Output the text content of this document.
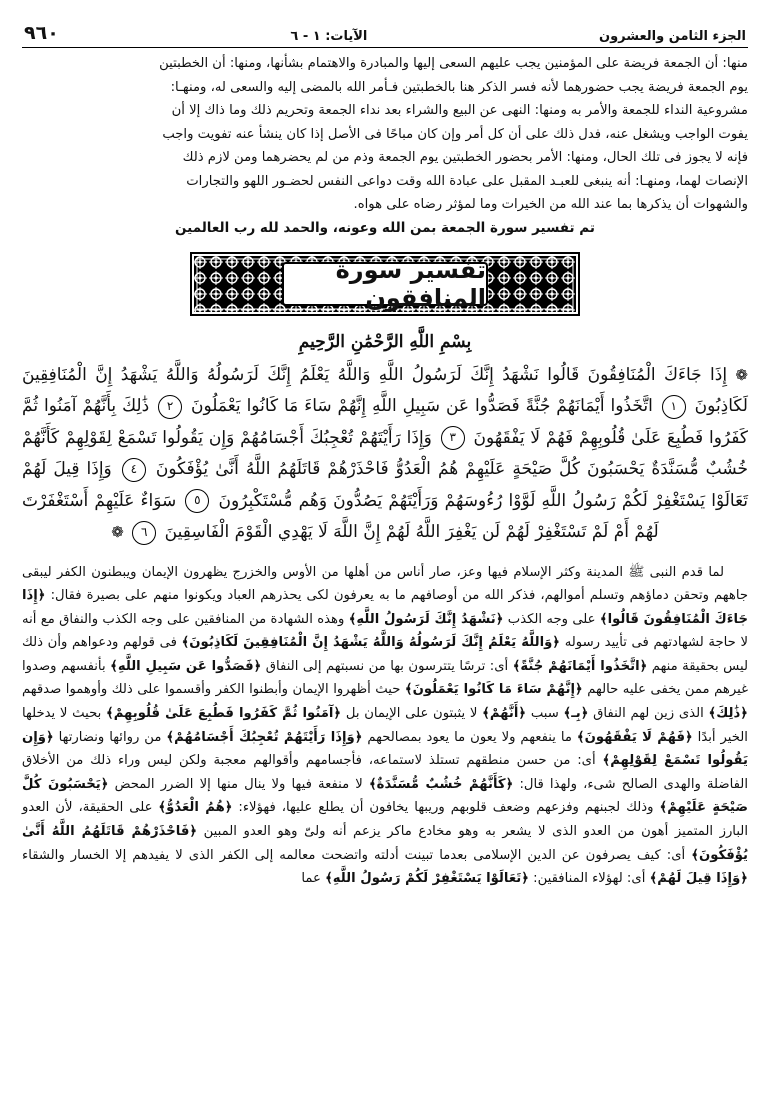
٩٦٠	الآيات: ١ - ٦	الجزء الثامن والعشرون

منها: أن الجمعة فريضة على المؤمنين يجب عليهم السعى إليها والمبادرة والاهتمام بشأنها، ومنها: أن الخطبتين

يوم الجمعة فريضة يجب حضورهما لأنه فسر الذكر هنا بالخطبتين فـأمر الله بالمضى إليه والسعى له، ومنهـا:

مشروعية النداء للجمعة والأمر به ومنها: النهى عن البيع والشراء بعد نداء الجمعة وتحريم ذلك وما ذاك إلا أن

يفوت الواجب ويشغل عنه، فدل ذلك على أن كل أمر وإن كان مباحًا فى الأصل إذا كان ينشأ عنه تفويت واجب

فإنه لا يجوز فى تلك الحال، ومنها: الأمر بحضور الخطبتين يوم الجمعة وذم من لم يحضرهما ومن لازم ذلك

الإنصات لهما، ومنهـا: أنه ينبغى للعبـد المقبل على عبادة الله وقت دواعى النفس لحضـور اللهو والتجارات

والشهوات أن يذكرها بما عند الله من الخيرات وما لمؤثر رضاه على هواه.

تم تفسير سورة الجمعة بمن الله وعونه، والحمد لله رب العالمين
تفسير سورة المنافقون
بِسْمِ اللَّهِ الرَّحْمَٰنِ الرَّحِيمِ
❁ إِذَا جَاءَكَ الْمُنَافِقُونَ قَالُوا نَشْهَدُ إِنَّكَ لَرَسُولُ اللَّهِ وَاللَّهُ يَعْلَمُ إِنَّكَ لَرَسُولُهُ وَاللَّهُ يَشْهَدُ إِنَّ الْمُنَافِقِينَ لَكَاذِبُونَ ١ اتَّخَذُوا أَيْمَانَهُمْ جُنَّةً فَصَدُّوا عَن سَبِيلِ اللَّهِ إِنَّهُمْ سَاءَ مَا كَانُوا يَعْمَلُونَ ٢ ذَٰلِكَ بِأَنَّهُمْ آمَنُوا ثُمَّ كَفَرُوا فَطُبِعَ عَلَىٰ قُلُوبِهِمْ فَهُمْ لَا يَفْقَهُونَ ٣ وَإِذَا رَأَيْتَهُمْ تُعْجِبُكَ أَجْسَامُهُمْ وَإِن يَقُولُوا تَسْمَعْ لِقَوْلِهِمْ كَأَنَّهُمْ خُشُبٌ مُّسَنَّدَةٌ يَحْسَبُونَ كُلَّ صَيْحَةٍ عَلَيْهِمْ هُمُ الْعَدُوُّ فَاحْذَرْهُمْ قَاتَلَهُمُ اللَّهُ أَنَّىٰ يُؤْفَكُونَ ٤ وَإِذَا قِيلَ لَهُمْ تَعَالَوْا يَسْتَغْفِرْ لَكُمْ رَسُولُ اللَّهِ لَوَّوْا رُءُوسَهُمْ وَرَأَيْتَهُمْ يَصُدُّونَ وَهُم مُّسْتَكْبِرُونَ ٥ سَوَاءٌ عَلَيْهِمْ أَسْتَغْفَرْتَ لَهُمْ أَمْ لَمْ تَسْتَغْفِرْ لَهُمْ لَن يَغْفِرَ اللَّهُ لَهُمْ إِنَّ اللَّهَ لَا يَهْدِي الْقَوْمَ الْفَاسِقِينَ ٦ ❁

لما قدم النبى ﷺ المدينة وكثر الإسلام فيها وعز، صار أناس من أهلها من الأوس والخزرج يظهرون الإيمان ويبطنون الكفر ليبقى جاههم وتحقن دماؤهم وتسلم أموالهم، فذكر الله من أوصافهم ما به يعرفون لكى يحذرهم العباد ويكونوا منهم على بصيرة فقال: ﴿إِذَا جَاءَكَ الْمُنَافِقُونَ قَالُوا﴾ على وجه الكذب ﴿نَشْهَدُ إِنَّكَ لَرَسُولُ اللَّهِ﴾ وهذه الشهادة من المنافقين على وجه الكذب والنفاق مع أنه لا حاجة لشهادتهم فى تأييد رسوله ﴿وَاللَّهُ يَعْلَمُ إِنَّكَ لَرَسُولُهُ وَاللَّهُ يَشْهَدُ إِنَّ الْمُنَافِقِينَ لَكَاذِبُونَ﴾ فى قولهم ودعواهم وأن ذلك ليس بحقيقة منهم ﴿اتَّخَذُوا أَيْمَانَهُمْ جُنَّةً﴾ أى: ترسًا يتترسون بها من نسبتهم إلى النفاق ﴿فَصَدُّوا عَن سَبِيلِ اللَّهِ﴾ بأنفسهم وصدوا غيرهم ممن يخفى عليه حالهم ﴿إِنَّهُمْ سَاءَ مَا كَانُوا يَعْمَلُونَ﴾ حيث أظهروا الإيمان وأبطنوا الكفر وأقسموا على ذلك وأوهموا صدقهم ﴿ذَٰلِكَ﴾ الذى زين لهم النفاق ﴿بِـ﴾ سبب ﴿أَنَّهُمْ﴾ لا يثبتون على الإيمان بل ﴿آمَنُوا ثُمَّ كَفَرُوا فَطُبِعَ عَلَىٰ قُلُوبِهِمْ﴾ بحيث لا يدخلها الخير أبدًا ﴿فَهُمْ لَا يَفْقَهُونَ﴾ ما ينفعهم ولا يعون ما يعود بمصالحهم ﴿وَإِذَا رَأَيْتَهُمْ تُعْجِبُكَ أَجْسَامُهُمْ﴾ من روائها ونضارتها ﴿وَإِن يَقُولُوا تَسْمَعْ لِقَوْلِهِمْ﴾ أى: من حسن منطقهم تستلذ لاستماعه، فأجسامهم وأقوالهم معجبة ولكن ليس وراء ذلك من الأخلاق الفاضلة والهدى الصالح شىء، ولهذا قال: ﴿كَأَنَّهُمْ خُشُبٌ مُّسَنَّدَةٌ﴾ لا منفعة فيها ولا ينال منها إلا الضرر المحض ﴿يَحْسَبُونَ كُلَّ صَيْحَةٍ عَلَيْهِمْ﴾ وذلك لجبنهم وفزعهم وضعف قلوبهم وريبها يخافون أن يطلع عليها، فهؤلاء: ﴿هُمُ الْعَدُوُّ﴾ على الحقيقة، لأن العدو البارز المتميز أهون من العدو الذى لا يشعر به وهو مخادع ماكر يزعم أنه ولىّ وهو العدو المبين ﴿فَاحْذَرْهُمْ قَاتَلَهُمُ اللَّهُ أَنَّىٰ يُؤْفَكُونَ﴾ أى: كيف يصرفون عن الدين الإسلامى بعدما تبينت أدلته واتضحت معالمه إلى الكفر الذى لا يفيدهم إلا الخسار والشقاء ﴿وَإِذَا قِيلَ لَهُمْ﴾ أى: لهؤلاء المنافقين: ﴿تَعَالَوْا يَسْتَغْفِرْ لَكُمْ رَسُولُ اللَّهِ﴾ عما
